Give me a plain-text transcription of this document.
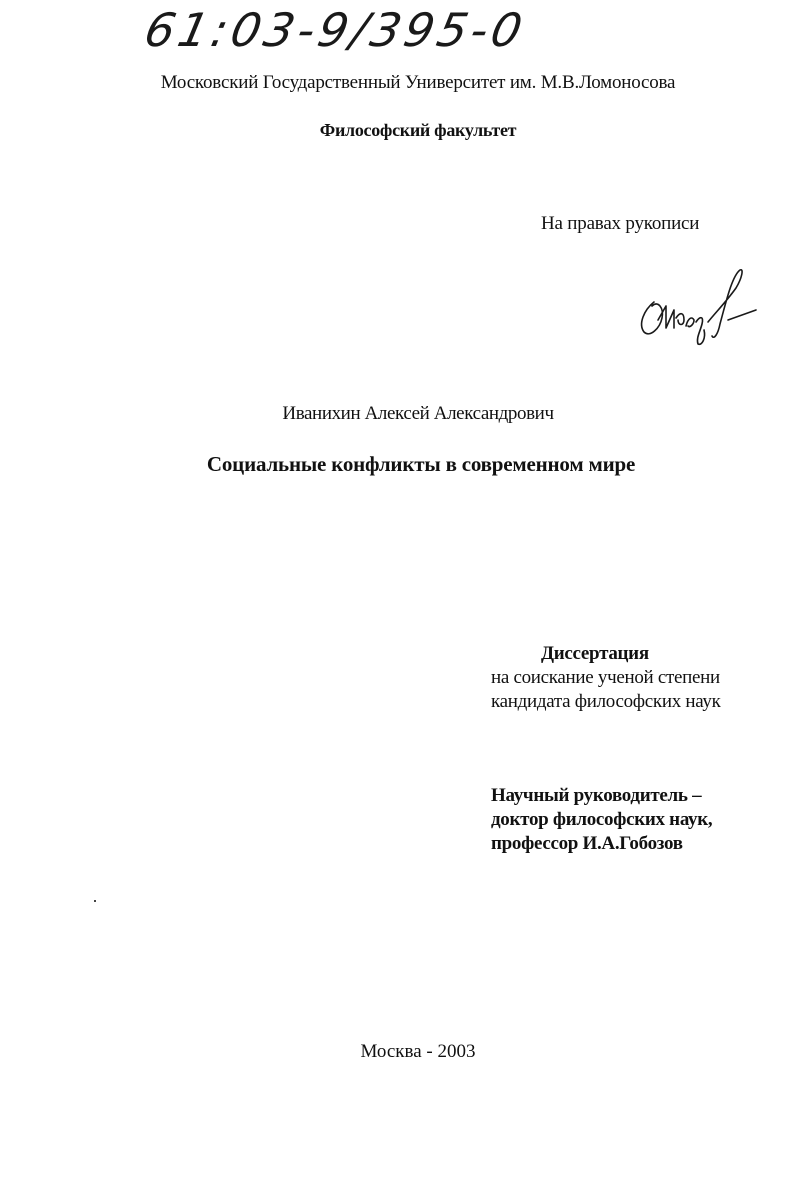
61:03-9/395-0
Московский Государственный Университет им. М.В.Ломоносова
Философский факультет
На правах рукописи
Иванихин Алексей Александрович
Социальные конфликты в современном мире
Диссертация
на соискание ученой степени
кандидата философских наук
Научный руководитель –
доктор философских наук,
профессор И.А.Гобозов
Москва - 2003
